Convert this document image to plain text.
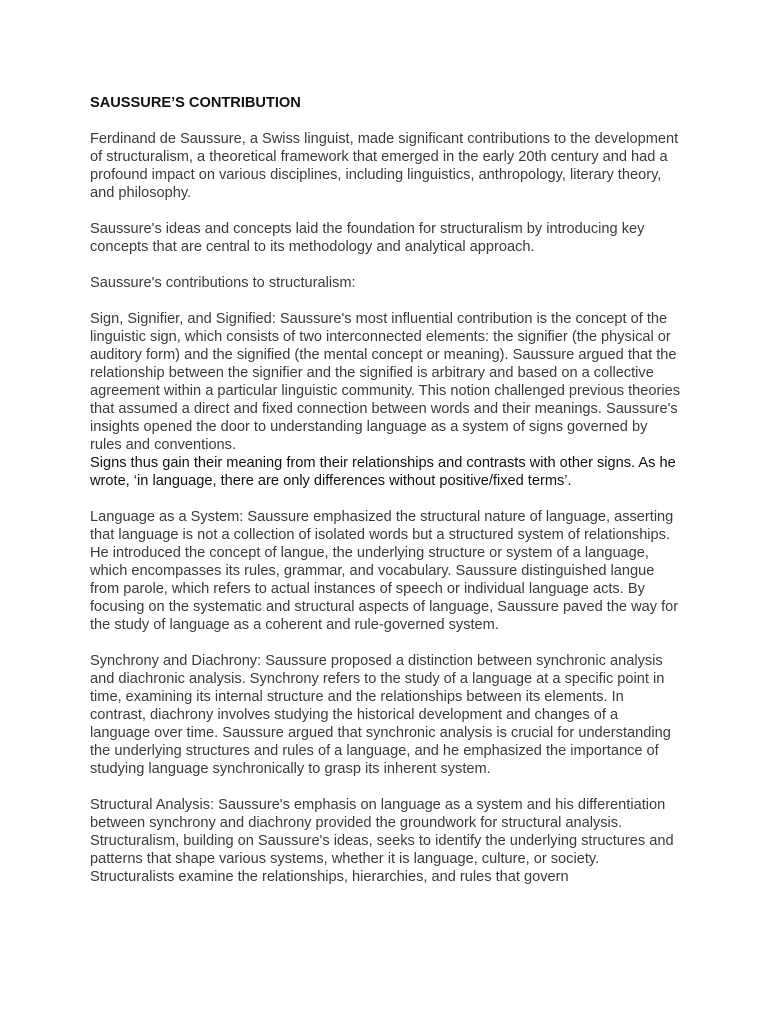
SAUSSURE’S CONTRIBUTION

Ferdinand de Saussure, a Swiss linguist, made significant contributions to the development of structuralism, a theoretical framework that emerged in the early 20th century and had a profound impact on various disciplines, including linguistics, anthropology, literary theory, and philosophy.

Saussure's ideas and concepts laid the foundation for structuralism by introducing key concepts that are central to its methodology and analytical approach.

Saussure's contributions to structuralism:

Sign, Signifier, and Signified: Saussure's most influential contribution is the concept of the linguistic sign, which consists of two interconnected elements: the signifier (the physical or auditory form) and the signified (the mental concept or meaning). Saussure argued that the relationship between the signifier and the signified is arbitrary and based on a collective agreement within a particular linguistic community. This notion challenged previous theories that assumed a direct and fixed connection between words and their meanings. Saussure's insights opened the door to understanding language as a system of signs governed by rules and conventions.

Signs thus gain their meaning from their relationships and contrasts with other signs. As he wrote, ‘in language, there are only differences without positive/fixed terms’.

Language as a System: Saussure emphasized the structural nature of language, asserting that language is not a collection of isolated words but a structured system of relationships. He introduced the concept of langue, the underlying structure or system of a language, which encompasses its rules, grammar, and vocabulary. Saussure distinguished langue from parole, which refers to actual instances of speech or individual language acts. By focusing on the systematic and structural aspects of language, Saussure paved the way for the study of language as a coherent and rule-governed system.

Synchrony and Diachrony: Saussure proposed a distinction between synchronic analysis and diachronic analysis. Synchrony refers to the study of a language at a specific point in time, examining its internal structure and the relationships between its elements. In contrast, diachrony involves studying the historical development and changes of a language over time. Saussure argued that synchronic analysis is crucial for understanding the underlying structures and rules of a language, and he emphasized the importance of studying language synchronically to grasp its inherent system.

Structural Analysis: Saussure's emphasis on language as a system and his differentiation between synchrony and diachrony provided the groundwork for structural analysis. Structuralism, building on Saussure's ideas, seeks to identify the underlying structures and patterns that shape various systems, whether it is language, culture, or society. Structuralists examine the relationships, hierarchies, and rules that govern
